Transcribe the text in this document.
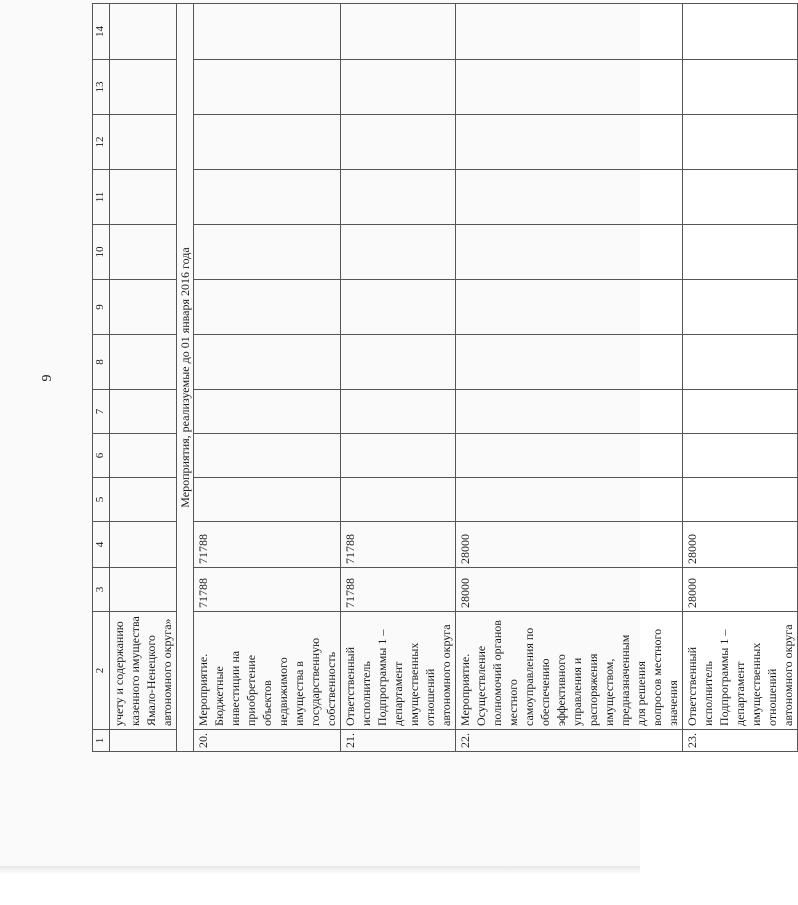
9
1	2	3	4	5	6	7	8	9	10	11	12	13	14
	учету и содержанию казенного имущества Ямало-Ненецкого автономного округа»												
Мероприятия, реализуемые до 01 января 2016 года													
20.	Мероприятие. Бюджетные инвестиции на приобретение объектов недвижимого имущества в государственную собственность	71788	71788										
21.	Ответственный исполнитель Подпрограммы 1 – департамент имущественных отношений автономного округа	71788	71788										
22.	Мероприятие. Осуществление полномочий органов местного самоуправления по обеспечению эффективного управления и распоряжения имуществом, предназначенным для решения вопросов местного значения	28000	28000										
23.	Ответственный исполнитель Подпрограммы 1 – департамент имущественных отношений автономного округа	28000	28000										
